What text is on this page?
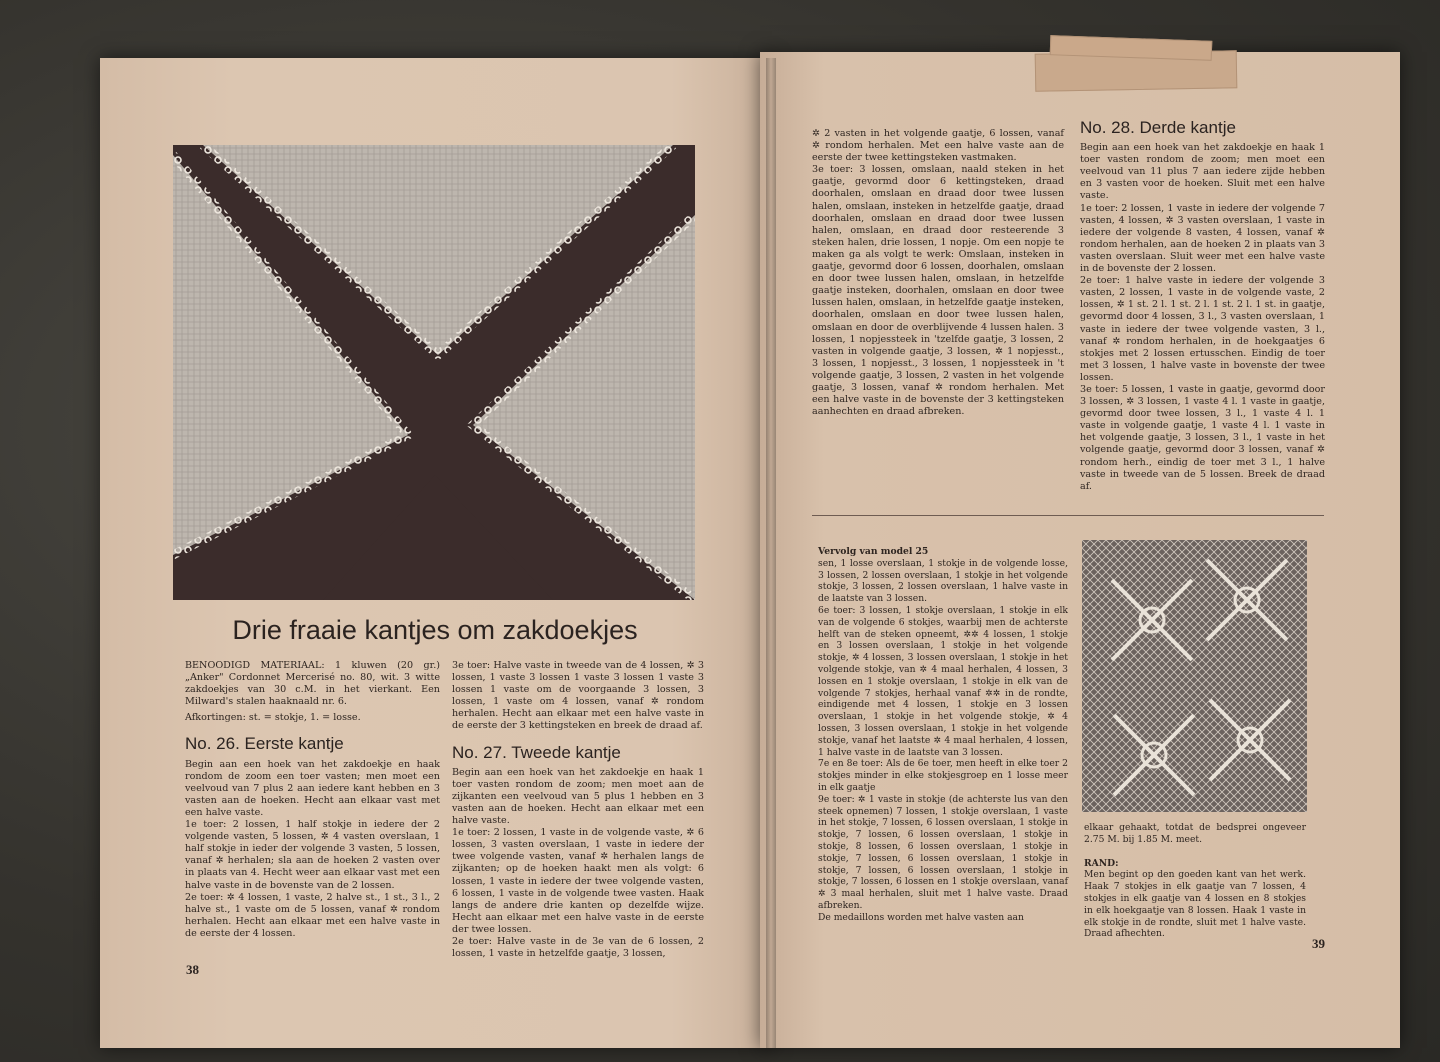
Drie fraaie kantjes om zakdoekjes

BENOODIGD MATERIAAL: 1 kluwen (20 gr.) „Anker" Cordonnet Mercerisé no. 80, wit. 3 witte zakdoekjes van 30 c.M. in het vierkant. Een Milward's stalen haaknaald nr. 6.

Afkortingen: st. = stokje, 1. = losse.

No. 26. Eerste kantje

Begin aan een hoek van het zakdoekje en haak rondom de zoom een toer vasten; men moet een veelvoud van 7 plus 2 aan iedere kant hebben en 3 vasten aan de hoeken. Hecht aan elkaar vast met een halve vaste.

1e toer: 2 lossen, 1 half stokje in iedere der 2 volgende vasten, 5 lossen, ✲ 4 vasten overslaan, 1 half stokje in ieder der volgende 3 vasten, 5 lossen, vanaf ✲ herhalen; sla aan de hoeken 2 vasten over in plaats van 4. Hecht weer aan elkaar vast met een halve vaste in de bovenste van de 2 lossen.

2e toer: ✲ 4 lossen, 1 vaste, 2 halve st., 1 st., 3 l., 2 halve st., 1 vaste om de 5 lossen, vanaf ✲ rondom herhalen. Hecht aan elkaar met een halve vaste in de eerste der 4 lossen.

3e toer: Halve vaste in tweede van de 4 lossen, ✲ 3 lossen, 1 vaste 3 lossen 1 vaste 3 lossen 1 vaste 3 lossen 1 vaste om de voorgaande 3 lossen, 3 lossen, 1 vaste om 4 lossen, vanaf ✲ rondom herhalen. Hecht aan elkaar met een halve vaste in de eerste der 3 kettingsteken en breek de draad af.

No. 27. Tweede kantje

Begin aan een hoek van het zakdoekje en haak 1 toer vasten rondom de zoom; men moet aan de zijkanten een veelvoud van 5 plus 1 hebben en 3 vasten aan de hoeken. Hecht aan elkaar met een halve vaste.

1e toer: 2 lossen, 1 vaste in de volgende vaste, ✲ 6 lossen, 3 vasten overslaan, 1 vaste in iedere der twee volgende vasten, vanaf ✲ herhalen langs de zijkanten; op de hoeken haakt men als volgt: 6 lossen, 1 vaste in iedere der twee volgende vasten, 6 lossen, 1 vaste in de volgende twee vasten. Haak langs de andere drie kanten op dezelfde wijze. Hecht aan elkaar met een halve vaste in de eerste der twee lossen.

2e toer: Halve vaste in de 3e van de 6 lossen, 2 lossen, 1 vaste in hetzelfde gaatje, 3 lossen,

38

✲ 2 vasten in het volgende gaatje, 6 lossen, vanaf ✲ rondom herhalen. Met een halve vaste aan de eerste der twee kettingsteken vastmaken.

3e toer: 3 lossen, omslaan, naald steken in het gaatje, gevormd door 6 kettingsteken, draad doorhalen, omslaan en draad door twee lussen halen, omslaan, insteken in hetzelfde gaatje, draad doorhalen, omslaan en draad door twee lussen halen, omslaan, en draad door resteerende 3 steken halen, drie lossen, 1 nopje. Om een nopje te maken ga als volgt te werk: Omslaan, insteken in gaatje, gevormd door 6 lossen, doorhalen, omslaan en door twee lussen halen, omslaan, in hetzelfde gaatje insteken, doorhalen, omslaan en door twee lussen halen, omslaan, in hetzelfde gaatje insteken, doorhalen, omslaan en door twee lussen halen, omslaan en door de overblijvende 4 lussen halen. 3 lossen, 1 nopjessteek in 'tzelfde gaatje, 3 lossen, 2 vasten in volgende gaatje, 3 lossen, ✲ 1 nopjesst., 3 lossen, 1 nopjesst., 3 lossen, 1 nopjessteek in 't volgende gaatje, 3 lossen, 2 vasten in het volgende gaatje, 3 lossen, vanaf ✲ rondom herhalen. Met een halve vaste in de bovenste der 3 kettingsteken aanhechten en draad afbreken.

No. 28. Derde kantje

Begin aan een hoek van het zakdoekje en haak 1 toer vasten rondom de zoom; men moet een veelvoud van 11 plus 7 aan iedere zijde hebben en 3 vasten voor de hoeken. Sluit met een halve vaste.

1e toer: 2 lossen, 1 vaste in iedere der volgende 7 vasten, 4 lossen, ✲ 3 vasten overslaan, 1 vaste in iedere der volgende 8 vasten, 4 lossen, vanaf ✲ rondom herhalen, aan de hoeken 2 in plaats van 3 vasten overslaan. Sluit weer met een halve vaste in de bovenste der 2 lossen.

2e toer: 1 halve vaste in iedere der volgende 3 vasten, 2 lossen, 1 vaste in de volgende vaste, 2 lossen, ✲ 1 st. 2 l. 1 st. 2 l. 1 st. 2 l. 1 st. in gaatje, gevormd door 4 lossen, 3 l., 3 vasten overslaan, 1 vaste in iedere der twee volgende vasten, 3 l., vanaf ✲ rondom herhalen, in de hoekgaatjes 6 stokjes met 2 lossen ertusschen. Eindig de toer met 3 lossen, 1 halve vaste in bovenste der twee lossen.

3e toer: 5 lossen, 1 vaste in gaatje, gevormd door 3 lossen, ✲ 3 lossen, 1 vaste 4 l. 1 vaste in gaatje, gevormd door twee lossen, 3 l., 1 vaste 4 l. 1 vaste in volgende gaatje, 1 vaste 4 l. 1 vaste in het volgende gaatje, 3 lossen, 3 l., 1 vaste in het volgende gaatje, gevormd door 3 lossen, vanaf ✲ rondom herh., eindig de toer met 3 l., 1 halve vaste in tweede van de 5 lossen. Breek de draad af.

Vervolg van model 25

sen, 1 losse overslaan, 1 stokje in de volgende losse, 3 lossen, 2 lossen overslaan, 1 stokje in het volgende stokje, 3 lossen, 2 lossen overslaan, 1 halve vaste in de laatste van 3 lossen.

6e toer: 3 lossen, 1 stokje overslaan, 1 stokje in elk van de volgende 6 stokjes, waarbij men de achterste helft van de steken opneemt, ✲✲ 4 lossen, 1 stokje en 3 lossen overslaan, 1 stokje in het volgende stokje, ✲ 4 lossen, 3 lossen overslaan, 1 stokje in het volgende stokje, van ✲ 4 maal herhalen, 4 lossen, 3 lossen en 1 stokje overslaan, 1 stokje in elk van de volgende 7 stokjes, herhaal vanaf ✲✲ in de rondte, eindigende met 4 lossen, 1 stokje en 3 lossen overslaan, 1 stokje in het volgende stokje, ✲ 4 lossen, 3 lossen overslaan, 1 stokje in het volgende stokje, vanaf het laatste ✲ 4 maal herhalen, 4 lossen, 1 halve vaste in de laatste van 3 lossen.

7e en 8e toer: Als de 6e toer, men heeft in elke toer 2 stokjes minder in elke stokjesgroep en 1 losse meer in elk gaatje

9e toer: ✲ 1 vaste in stokje (de achterste lus van den steek opnemen) 7 lossen, 1 stokje overslaan, 1 vaste in het stokje, 7 lossen, 6 lossen overslaan, 1 stokje in stokje, 7 lossen, 6 lossen overslaan, 1 stokje in stokje, 8 lossen, 6 lossen overslaan, 1 stokje in stokje, 7 lossen, 6 lossen overslaan, 1 stokje in stokje, 7 lossen, 6 lossen overslaan, 1 stokje in stokje, 7 lossen, 6 lossen en 1 stokje overslaan, vanaf ✲ 3 maal herhalen, sluit met 1 halve vaste. Draad afbreken.

De medaillons worden met halve vasten aan

elkaar gehaakt, totdat de bedsprei ongeveer 2.75 M. bij 1.85 M. meet.

RAND:

Men begint op den goeden kant van het werk. Haak 7 stokjes in elk gaatje van 7 lossen, 4 stokjes in elk gaatje van 4 lossen en 8 stokjes in elk hoekgaatje van 8 lossen. Haak 1 vaste in elk stokje in de rondte, sluit met 1 halve vaste. Draad afhechten.

39
